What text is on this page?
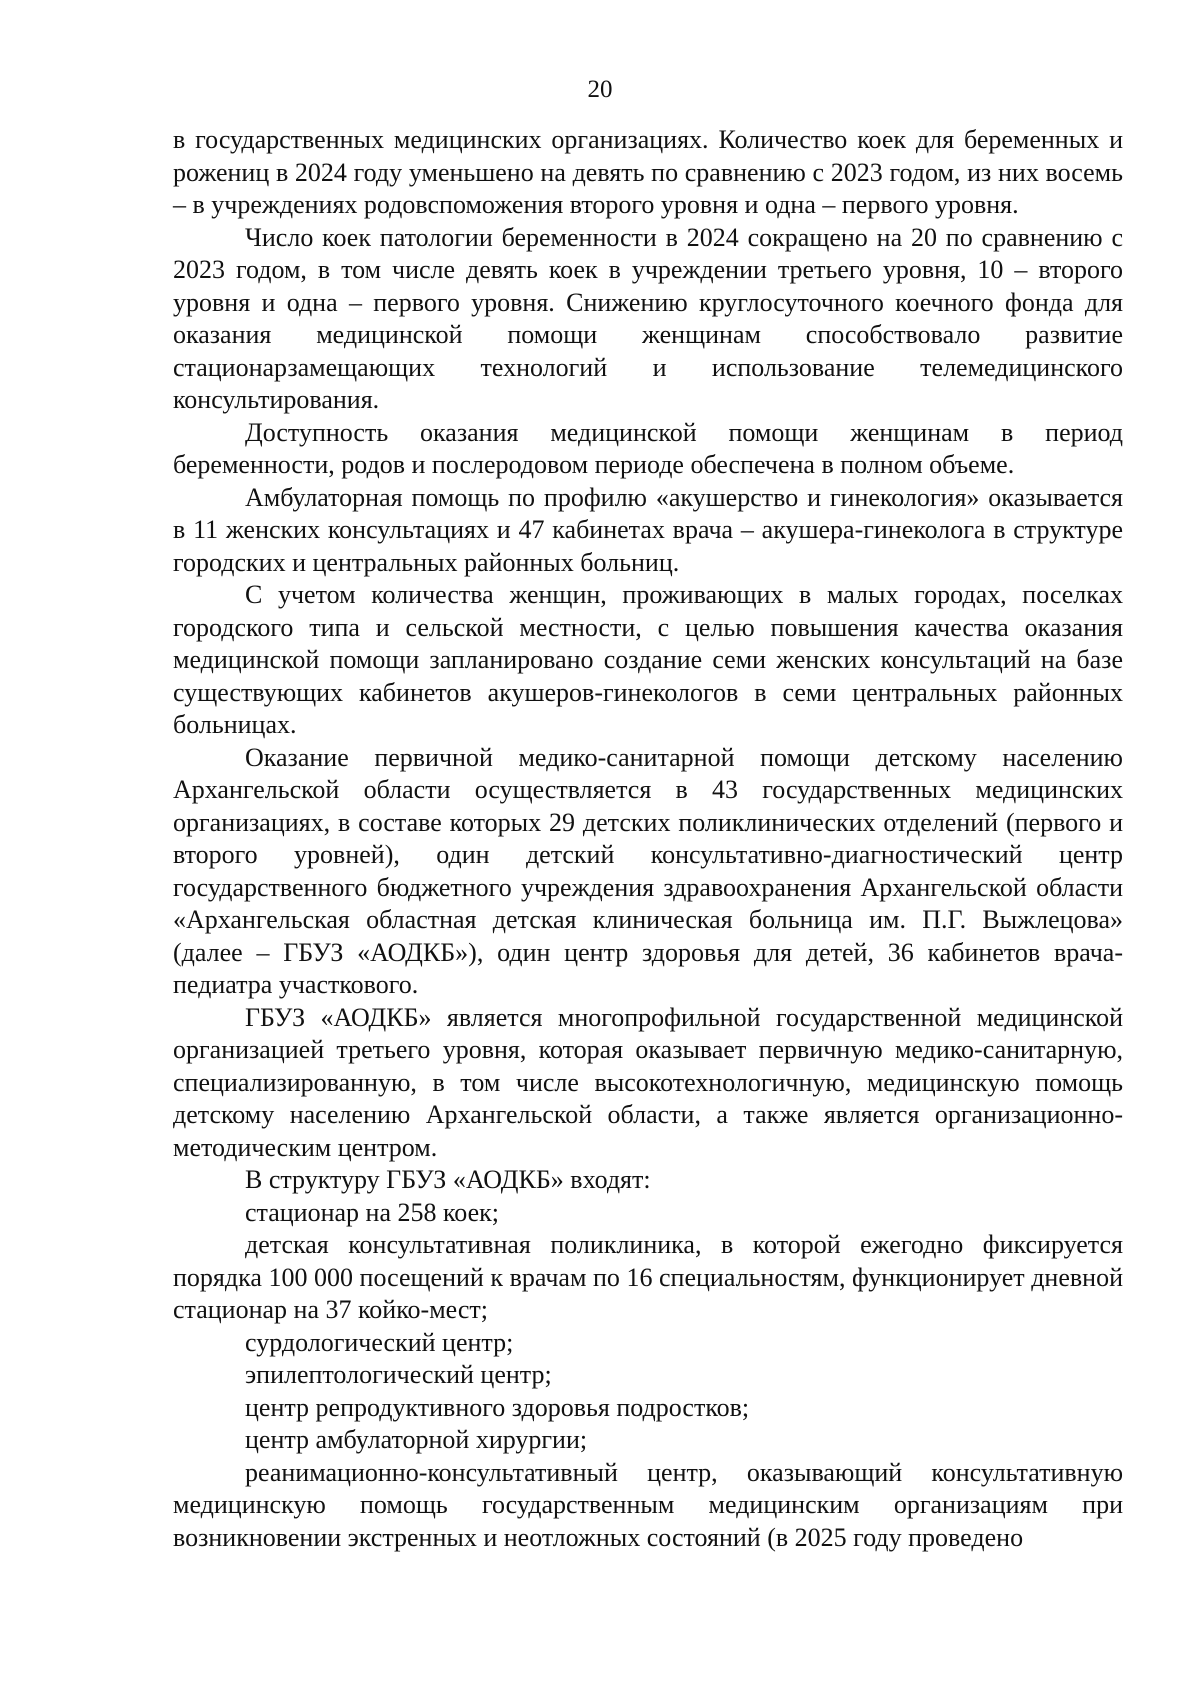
20

в государственных медицинских организациях. Количество коек для беременных и рожениц в 2024 году уменьшено на девять по сравнению с 2023 годом, из них восемь – в учреждениях родовспоможения второго уровня и одна – первого уровня.

Число коек патологии беременности в 2024 сокращено на 20 по сравнению с 2023 годом, в том числе девять коек в учреждении третьего уровня, 10 – второго уровня и одна – первого уровня. Снижению круглосуточного коечного фонда для оказания медицинской помощи женщинам способствовало развитие стационарзамещающих технологий и использование телемедицинского консультирования.

Доступность оказания медицинской помощи женщинам в период беременности, родов и послеродовом периоде обеспечена в полном объеме.

Амбулаторная помощь по профилю «акушерство и гинекология» оказывается в 11 женских консультациях и 47 кабинетах врача – акушера-гинеколога в структуре городских и центральных районных больниц.

С учетом количества женщин, проживающих в малых городах, поселках городского типа и сельской местности, с целью повышения качества оказания медицинской помощи запланировано создание семи женских консультаций на базе существующих кабинетов акушеров-гинекологов в семи центральных районных больницах.

Оказание первичной медико-санитарной помощи детскому населению Архангельской области осуществляется в 43 государственных медицинских организациях, в составе которых 29 детских поликлинических отделений (первого и второго уровней), один детский консультативно-диагностический центр государственного бюджетного учреждения здравоохранения Архангельской области «Архангельская областная детская клиническая больница им. П.Г. Выжлецова» (далее – ГБУЗ «АОДКБ»), один центр здоровья для детей, 36 кабинетов врача-педиатра участкового.

ГБУЗ «АОДКБ» является многопрофильной государственной медицинской организацией третьего уровня, которая оказывает первичную медико-санитарную, специализированную, в том числе высокотехнологичную, медицинскую помощь детскому населению Архангельской области, а также является организационно-методическим центром.

В структуру ГБУЗ «АОДКБ» входят:

стационар на 258 коек;

детская консультативная поликлиника, в которой ежегодно фиксируется порядка 100 000 посещений к врачам по 16 специальностям, функционирует дневной стационар на 37 койко-мест;

сурдологический центр;

эпилептологический центр;

центр репродуктивного здоровья подростков;

центр амбулаторной хирургии;

реанимационно-консультативный центр, оказывающий консультативную медицинскую помощь государственным медицинским организациям при возникновении экстренных и неотложных состояний (в 2025 году проведено
